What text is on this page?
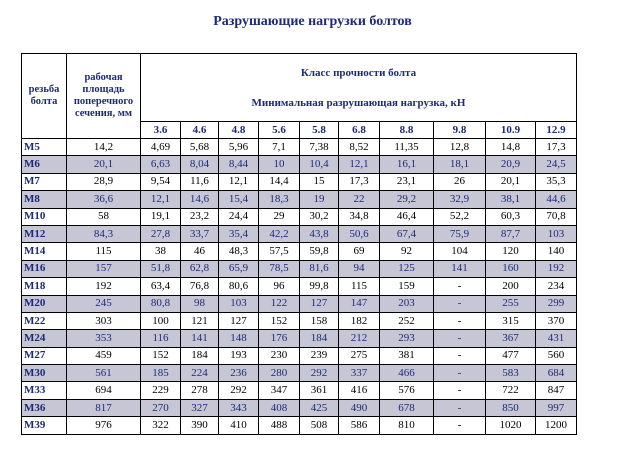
Разрушающие нагрузки болтов
резьба болта	рабочая площадь поперечного сечения, мм	Класс прочности болта
Минимальная разрушающая нагрузка, кН									

		3.6	4.6	4.8	5.6	5.8	6.8	8.8	9.8	10.9	12.9
M5	14,2	4,69	5,68	5,96	7,1	7,38	8,52	11,35	12,8	14,8	17,3
M6	20,1	6,63	8,04	8,44	10	10,4	12,1	16,1	18,1	20,9	24,5
M7	28,9	9,54	11,6	12,1	14,4	15	17,3	23,1	26	20,1	35,3
M8	36,6	12,1	14,6	15,4	18,3	19	22	29,2	32,9	38,1	44,6
M10	58	19,1	23,2	24,4	29	30,2	34,8	46,4	52,2	60,3	70,8
M12	84,3	27,8	33,7	35,4	42,2	43,8	50,6	67,4	75,9	87,7	103
M14	115	38	46	48,3	57,5	59,8	69	92	104	120	140
M16	157	51,8	62,8	65,9	78,5	81,6	94	125	141	160	192
M18	192	63,4	76,8	80,6	96	99,8	115	159	-	200	234
M20	245	80,8	98	103	122	127	147	203	-	255	299
M22	303	100	121	127	152	158	182	252	-	315	370
M24	353	116	141	148	176	184	212	293	-	367	431
M27	459	152	184	193	230	239	275	381	-	477	560
M30	561	185	224	236	280	292	337	466	-	583	684
M33	694	229	278	292	347	361	416	576	-	722	847
M36	817	270	327	343	408	425	490	678	-	850	997
M39	976	322	390	410	488	508	586	810	-	1020	1200
